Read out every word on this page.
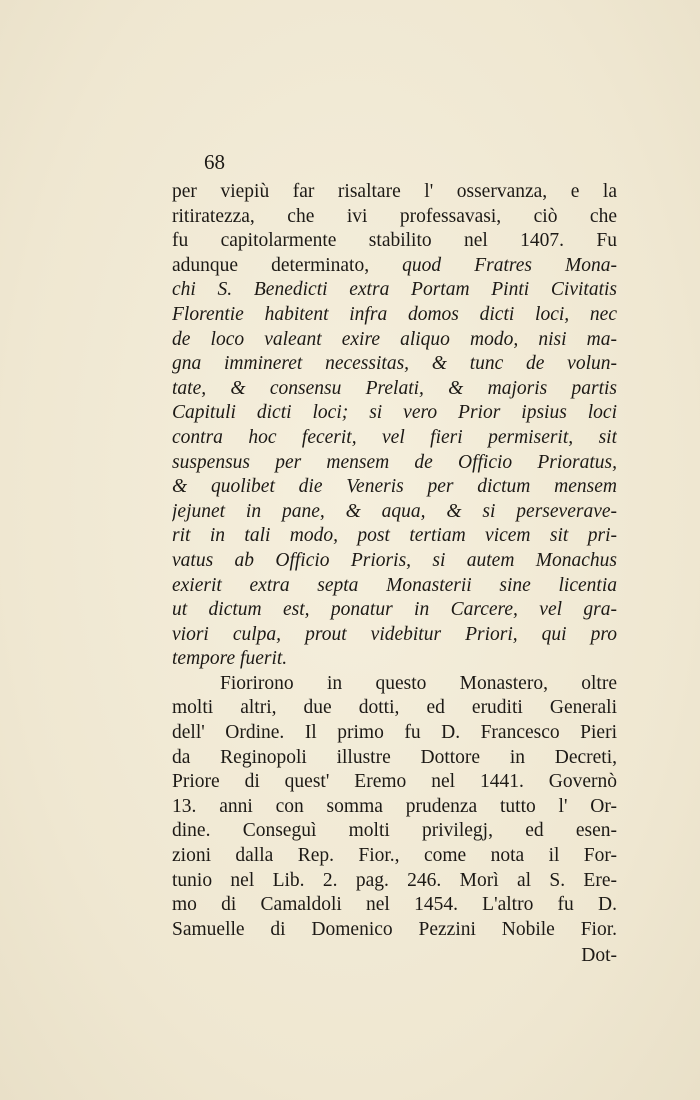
68
per viepiù far risaltare l' osservanza, e la
ritiratezza, che ivi professavasi, ciò che
fu capitolarmente stabilito nel 1407. Fu
adunque determinato, quod Fratres Mona-
chi S. Benedicti extra Portam Pinti Civitatis
Florentie habitent infra domos dicti loci, nec
de loco valeant exire aliquo modo, nisi ma-
gna immineret necessitas, & tunc de volun-
tate, & consensu Prelati, & majoris partis
Capituli dicti loci; si vero Prior ipsius loci
contra hoc fecerit, vel fieri permiserit, sit
suspensus per mensem de Officio Prioratus,
& quolibet die Veneris per dictum mensem
jejunet in pane, & aqua, & si perseverave-
rit in tali modo, post tertiam vicem sit pri-
vatus ab Officio Prioris, si autem Monachus
exierit extra septa Monasterii sine licentia
ut dictum est, ponatur in Carcere, vel gra-
viori culpa, prout videbitur Priori, qui pro
tempore fuerit.
Fiorirono in questo Monastero, oltre
molti altri, due dotti, ed eruditi Generali
dell' Ordine. Il primo fu D. Francesco Pieri
da Reginopoli illustre Dottore in Decreti,
Priore di quest' Eremo nel 1441. Governò
13. anni con somma prudenza tutto l' Or-
dine. Conseguì molti privilegj, ed esen-
zioni dalla Rep. Fior., come nota il For-
tunio nel Lib. 2. pag. 246. Morì al S. Ere-
mo di Camaldoli nel 1454. L'altro fu D.
Samuelle di Domenico Pezzini Nobile Fior.
Dot-
